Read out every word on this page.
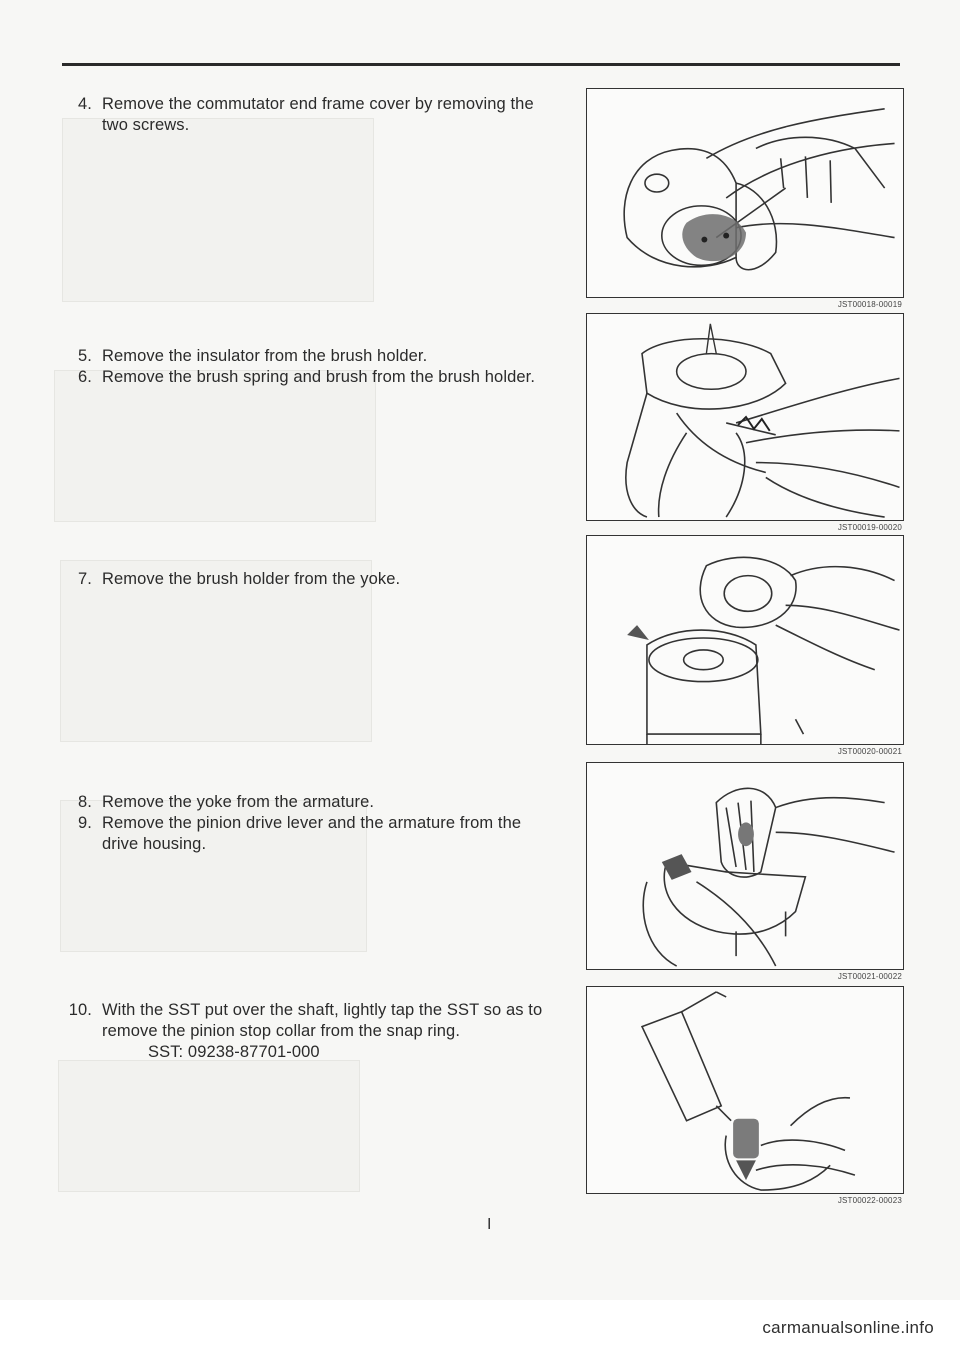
4. Remove the commutator end frame cover by removing the
two screws.
5. Remove the insulator from the brush holder.
6. Remove the brush spring and brush from the brush holder.
7. Remove the brush holder from the yoke.
8. Remove the yoke from the armature.
9. Remove the pinion drive lever and the armature from the
drive housing.
10. With the SST put over the shaft, lightly tap the SST so as to
remove the pinion stop collar from the snap ring.
SST: 09238-87701-000
JST00018-00019
JST00019-00020
JST00020-00021
JST00021-00022
JST00022-00023
I
carmanualsonline.info
